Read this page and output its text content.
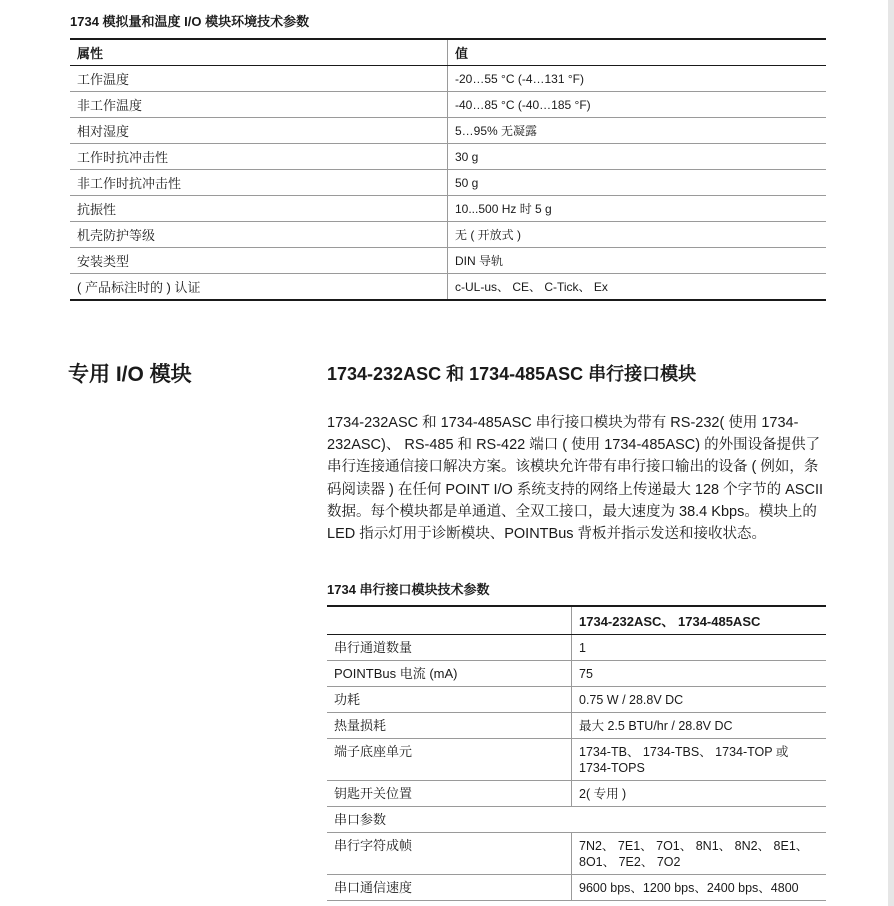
1734 模拟量和温度 I/O 模块环境技术参数
属性	值
工作温度	-20…55 °C (-4…131 °F)
非工作温度	-40…85 °C (-40…185 °F)
相对湿度	5…95% 无凝露
工作时抗冲击性	30 g
非工作时抗冲击性	50 g
抗振性	10...500 Hz 时 5 g
机壳防护等级	无 ( 开放式 )
安装类型	DIN 导轨
( 产品标注时的 ) 认证	c-UL-us、 CE、 C-Tick、 Ex
专用 I/O 模块	1734-232ASC 和 1734-485ASC 串行接口模块

1734-232ASC 和 1734-485ASC 串行接口模块为带有 RS-232( 使用 1734-232ASC)、 RS-485 和 RS-422 端口 ( 使用 1734-485ASC) 的外围设备提供了串行连接通信接口解决方案。该模块允许带有串行接口输出的设备 ( 例如，条码阅读器 ) 在任何 POINT I/O 系统支持的网络上传递最大 128 个字节的 ASCII 数据。每个模块都是单通道、全双工接口，最大速度为 38.4 Kbps。模块上的 LED 指示灯用于诊断模块、POINTBus 背板并指示发送和接收状态。

1734 串行接口模块技术参数
	1734-232ASC、 1734-485ASC
串行通道数量	1
POINTBus 电流 (mA)	75
功耗	0.75 W / 28.8V DC
热量损耗	最大 2.5 BTU/hr / 28.8V DC
端子底座单元	1734-TB、 1734-TBS、 1734-TOP 或 1734-TOPS
钥匙开关位置	2( 专用 )
串口参数	
串行字符成帧	7N2、 7E1、 7O1、 8N1、 8N2、 8E1、 8O1、 7E2、 7O2
串口通信速度	9600 bps、1200 bps、2400 bps、4800
